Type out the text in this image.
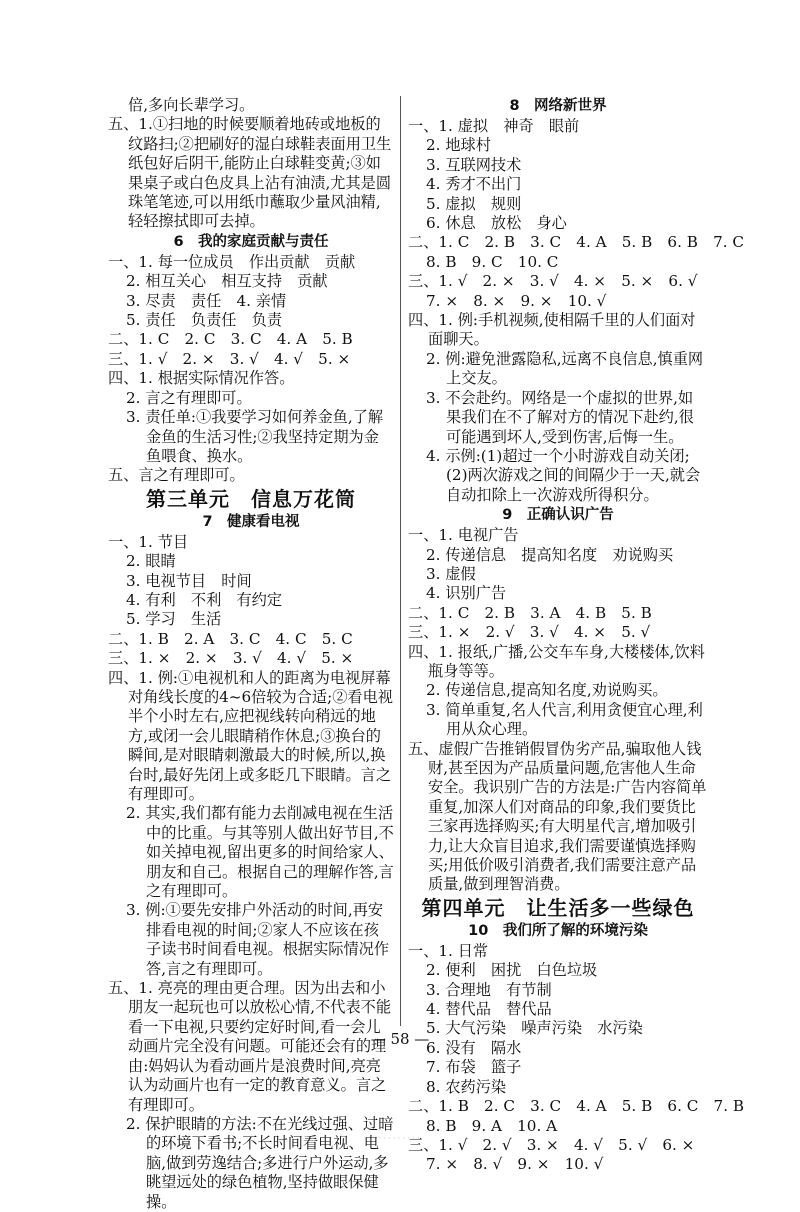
倍,多向长辈学习。
五、1.①扫地的时候要顺着地砖或地板的纹路扫;②把刷好的湿白球鞋表面用卫生纸包好后阴干,能防止白球鞋变黄;③如果桌子或白色皮具上沾有油渍,尤其是圆珠笔笔迹,可以用纸巾蘸取少量风油精,轻轻擦拭即可去掉。
6　我的家庭贡献与责任
一、1. 每一位成员　作出贡献　贡献
2. 相互关心　相互支持　贡献
3. 尽责　责任　4. 亲情
5. 责任　负责任　负责
二、1. C　2. C　3. C　4. A　5. B
三、1. √　2. ×　3. √　4. √　5. ×
四、1. 根据实际情况作答。
2. 言之有理即可。
3. 责任单:①我要学习如何养金鱼,了解金鱼的生活习性;②我坚持定期为金鱼喂食、换水。
五、言之有理即可。
第三单元　信息万花筒
7　健康看电视
一、1. 节目
2. 眼睛
3. 电视节目　时间
4. 有利　不利　有约定
5. 学习　生活
二、1. B　2. A　3. C　4. C　5. C
三、1. ×　2. ×　3. √　4. √　5. ×
四、1. 例:①电视机和人的距离为电视屏幕对角线长度的4~6倍较为合适;②看电视半个小时左右,应把视线转向稍远的地方,或闭一会儿眼睛稍作休息;③换台的瞬间,是对眼睛刺激最大的时候,所以,换台时,最好先闭上或多眨几下眼睛。言之有理即可。
2. 其实,我们都有能力去削减电视在生活中的比重。与其等别人做出好节目,不如关掉电视,留出更多的时间给家人、朋友和自己。根据自己的理解作答,言之有理即可。
3. 例:①要先安排户外活动的时间,再安排看电视的时间;②家人不应该在孩子读书时间看电视。根据实际情况作答,言之有理即可。
五、1. 亮亮的理由更合理。因为出去和小朋友一起玩也可以放松心情,不代表不能看一下电视,只要约定好时间,看一会儿动画片完全没有问题。可能还会有的理由:妈妈认为看动画片是浪费时间,亮亮认为动画片也有一定的教育意义。言之有理即可。
2. 保护眼睛的方法:不在光线过强、过暗的环境下看书;不长时间看电视、电脑,做到劳逸结合;多进行户外运动,多眺望远处的绿色植物,坚持做眼保健操。
8　网络新世界
一、1. 虚拟　神奇　眼前
2. 地球村
3. 互联网技术
4. 秀才不出门
5. 虚拟　规则
6. 休息　放松　身心
二、1. C　2. B　3. C　4. A　5. B　6. B　7. C
8. B　9. C　10. C
三、1. √　2. ×　3. √　4. ×　5. ×　6. √
7. ×　8. ×　9. ×　10. √
四、1. 例:手机视频,使相隔千里的人们面对面聊天。
2. 例:避免泄露隐私,远离不良信息,慎重网上交友。
3. 不会赴约。网络是一个虚拟的世界,如果我们在不了解对方的情况下赴约,很可能遇到坏人,受到伤害,后悔一生。
4. 示例:(1)超过一个小时游戏自动关闭;(2)两次游戏之间的间隔少于一天,就会自动扣除上一次游戏所得积分。
9　正确认识广告
一、1. 电视广告
2. 传递信息　提高知名度　劝说购买
3. 虚假
4. 识别广告
二、1. C　2. B　3. A　4. B　5. B
三、1. ×　2. √　3. √　4. ×　5. √
四、1. 报纸,广播,公交车车身,大楼楼体,饮料瓶身等等。
2. 传递信息,提高知名度,劝说购买。
3. 简单重复,名人代言,利用贪便宜心理,利用从众心理。
五、虚假广告推销假冒伪劣产品,骗取他人钱财,甚至因为产品质量问题,危害他人生命安全。我识别广告的方法是:广告内容简单重复,加深人们对商品的印象,我们要货比三家再选择购买;有大明星代言,增加吸引力,让大众盲目追求,我们需要谨慎选择购买;用低价吸引消费者,我们需要注意产品质量,做到理智消费。
第四单元　让生活多一些绿色
10　我们所了解的环境污染
一、1. 日常
2. 便利　困扰　白色垃圾
3. 合理地　有节制
4. 替代品　替代品
5. 大气污染　噪声污染　水污染
6. 没有　隔水
7. 布袋　篮子
8. 农药污染
二、1. B　2. C　3. C　4. A　5. B　6. C　7. B
8. B　9. A　10. A
三、1. √　2. √　3. ×　4. √　5. √　6. ×
7. ×　8. √　9. ×　10. √
— 58 —
·········
